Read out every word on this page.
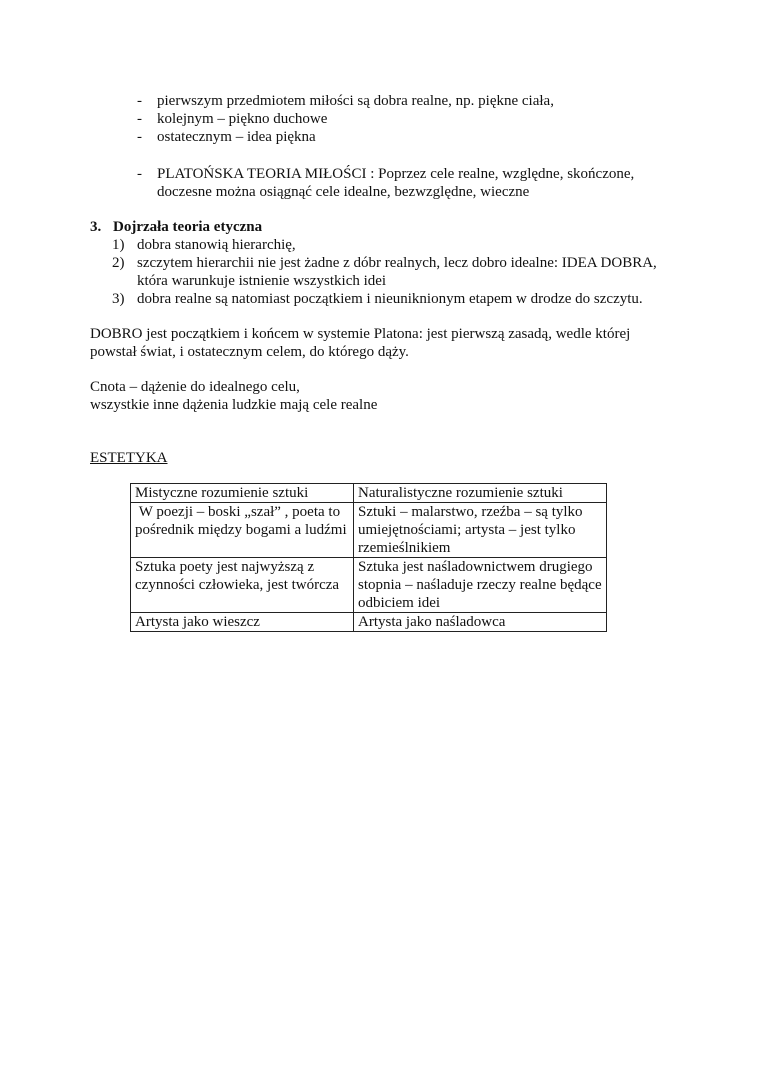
- pierwszym przedmiotem miłości są dobra realne, np. piękne ciała,
- kolejnym – piękno duchowe
- ostatecznym – idea piękna
- PLATOŃSKA TEORIA MIŁOŚCI : Poprzez cele realne, względne, skończone,
doczesne można osiągnąć cele idealne, bezwzględne, wieczne
3. Dojrzała teoria etyczna
1) dobra stanowią hierarchię,
2) szczytem hierarchii nie jest żadne z dóbr realnych, lecz dobro idealne: IDEA DOBRA,
która warunkuje istnienie wszystkich idei
3) dobra realne są natomiast początkiem i nieuniknionym etapem w drodze do szczytu.
DOBRO jest początkiem i końcem w systemie Platona: jest pierwszą zasadą, wedle której
powstał świat, i ostatecznym celem, do którego dąży.
Cnota – dążenie do idealnego celu,
wszystkie inne dążenia ludzkie mają cele realne
ESTETYKA
Mistyczne rozumienie sztuki	Naturalistyczne rozumienie sztuki
W poezji – boski „szał” , poeta to pośrednik między bogami a ludźmi	Sztuki – malarstwo, rzeźba – są tylko umiejętnościami; artysta – jest tylko rzemieślnikiem
Sztuka poety jest najwyższą z czynności człowieka, jest twórcza	Sztuka jest naśladownictwem drugiego stopnia – naśladuje rzeczy realne będące odbiciem idei
Artysta jako wieszcz	Artysta jako naśladowca
